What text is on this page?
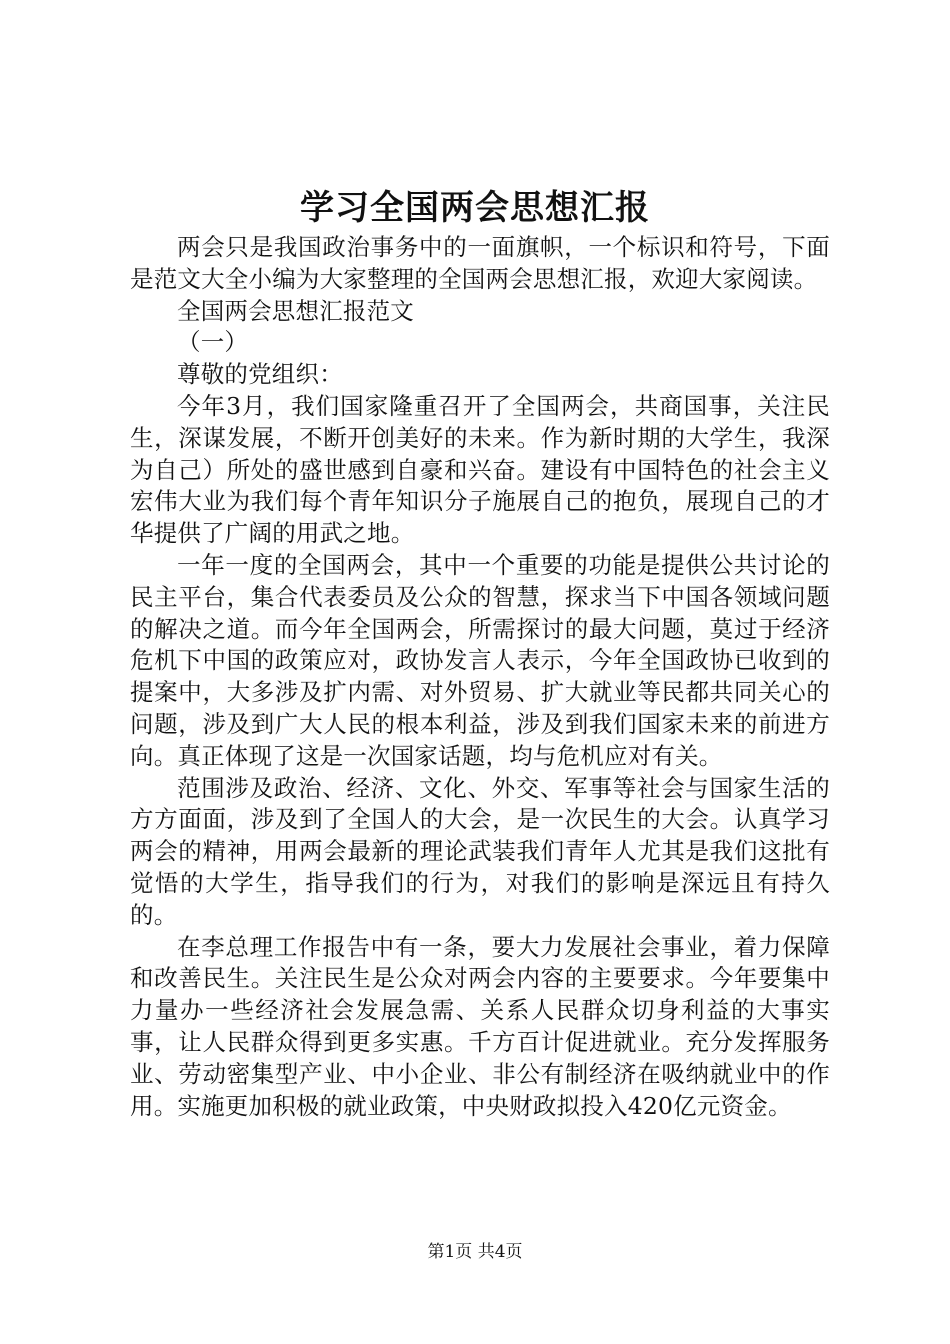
学习全国两会思想汇报

两会只是我国政治事务中的一面旗帜，一个标识和符号，下面是范文大全小编为大家整理的全国两会思想汇报，欢迎大家阅读。

全国两会思想汇报范文

（一）

尊敬的党组织：

今年3月，我们国家隆重召开了全国两会，共商国事，关注民生，深谋发展，不断开创美好的未来。作为新时期的大学生，我深为自己）所处的盛世感到自豪和兴奋。建设有中国特色的社会主义宏伟大业为我们每个青年知识分子施展自己的抱负，展现自己的才华提供了广阔的用武之地。

一年一度的全国两会，其中一个重要的功能是提供公共讨论的民主平台，集合代表委员及公众的智慧，探求当下中国各领域问题的解决之道。而今年全国两会，所需探讨的最大问题，莫过于经济危机下中国的政策应对，政协发言人表示，今年全国政协已收到的提案中，大多涉及扩内需、对外贸易、扩大就业等民都共同关心的问题，涉及到广大人民的根本利益，涉及到我们国家未来的前进方向。真正体现了这是一次国家话题，均与危机应对有关。

范围涉及政治、经济、文化、外交、军事等社会与国家生活的方方面面，涉及到了全国人的大会，是一次民生的大会。认真学习两会的精神，用两会最新的理论武装我们青年人尤其是我们这批有觉悟的大学生，指导我们的行为，对我们的影响是深远且有持久的。

在李总理工作报告中有一条，要大力发展社会事业，着力保障和改善民生。关注民生是公众对两会内容的主要要求。今年要集中力量办一些经济社会发展急需、关系人民群众切身利益的大事实事，让人民群众得到更多实惠。千方百计促进就业。充分发挥服务业、劳动密集型产业、中小企业、非公有制经济在吸纳就业中的作用。实施更加积极的就业政策，中央财政拟投入420亿元资金。

第1页 共4页
